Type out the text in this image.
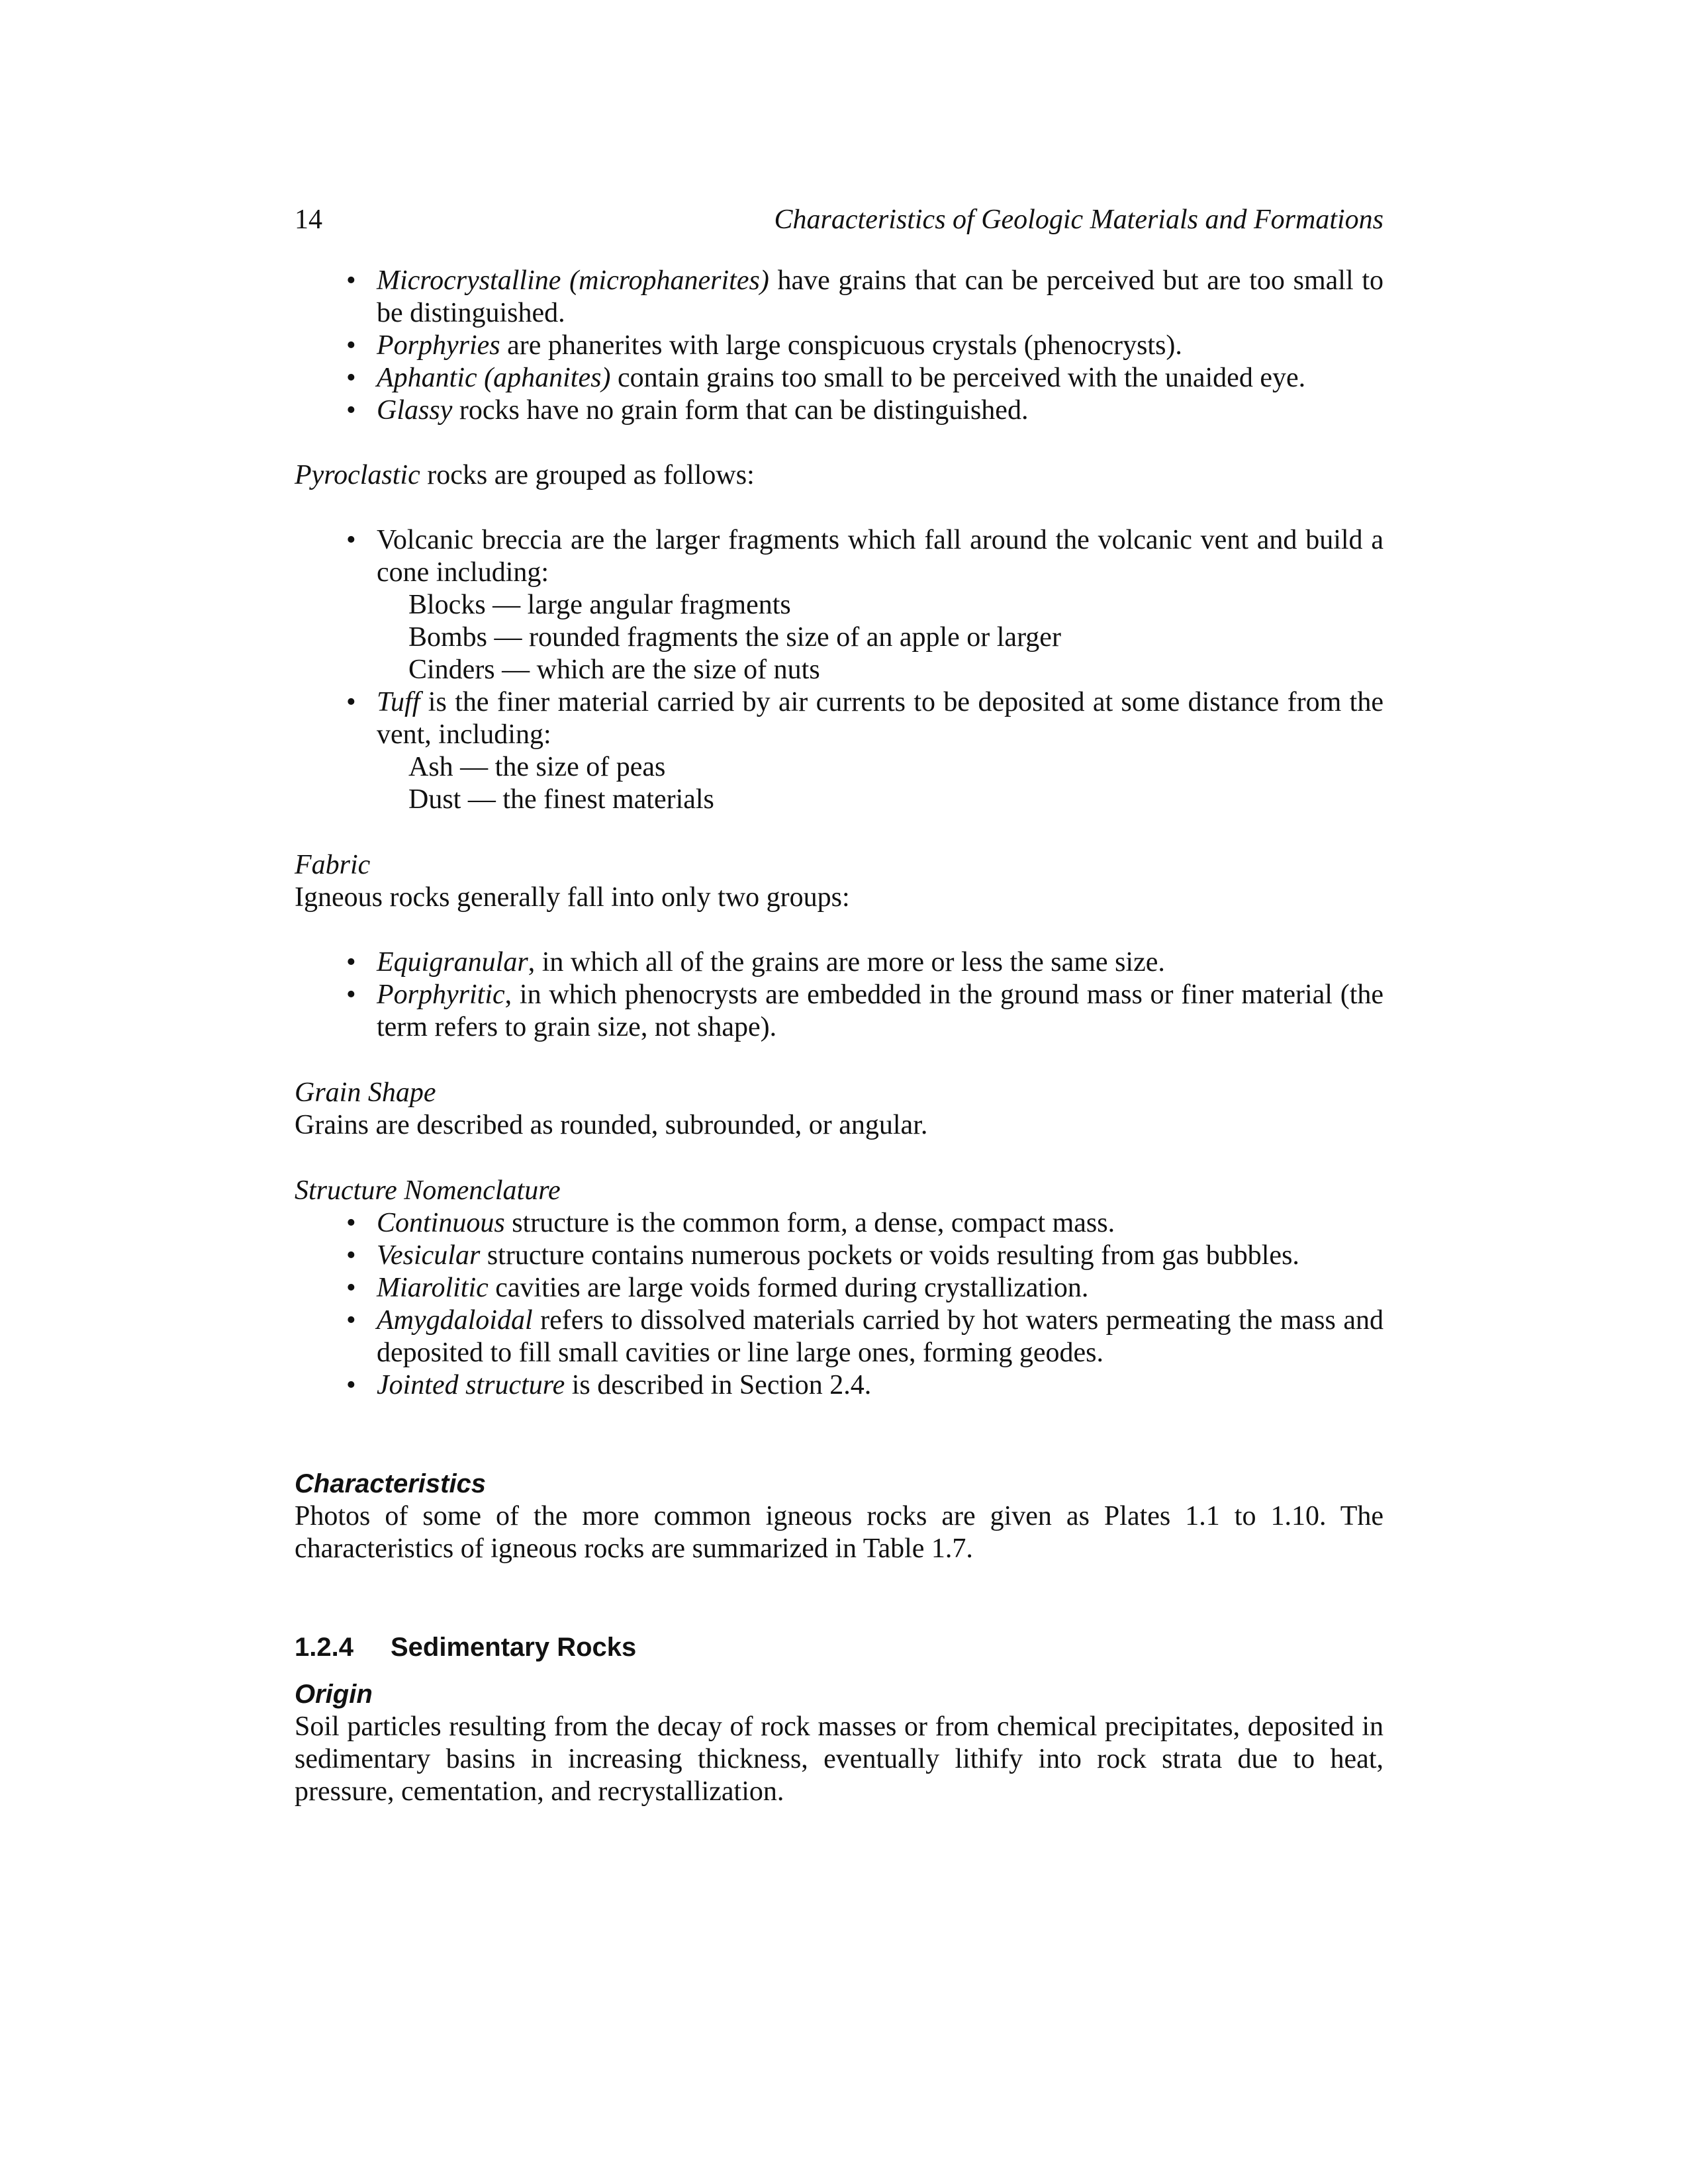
14	Characteristics of Geologic Materials and Formations
• Microcrystalline (microphanerites) have grains that can be perceived but are too small to be distinguished.
• Porphyries are phanerites with large conspicuous crystals (phenocrysts).
• Aphantic (aphanites) contain grains too small to be perceived with the unaided eye.
• Glassy rocks have no grain form that can be distinguished.

Pyroclastic rocks are grouped as follows:

• Volcanic breccia are the larger fragments which fall around the volcanic vent and build a cone including:
Blocks — large angular fragments
Bombs — rounded fragments the size of an apple or larger
Cinders — which are the size of nuts
• Tuff is the finer material carried by air currents to be deposited at some distance from the vent, including:
Ash — the size of peas
Dust — the finest materials
Fabric

Igneous rocks generally fall into only two groups:

• Equigranular, in which all of the grains are more or less the same size.
• Porphyritic, in which phenocrysts are embedded in the ground mass or finer material (the term refers to grain size, not shape).
Grain Shape

Grains are described as rounded, subrounded, or angular.

Structure Nomenclature
• Continuous structure is the common form, a dense, compact mass.
• Vesicular structure contains numerous pockets or voids resulting from gas bubbles.
• Miarolitic cavities are large voids formed during crystallization.
• Amygdaloidal refers to dissolved materials carried by hot waters permeating the mass and deposited to fill small cavities or line large ones, forming geodes.
• Jointed structure is described in Section 2.4.
Characteristics

Photos of some of the more common igneous rocks are given as Plates 1.1 to 1.10. The characteristics of igneous rocks are summarized in Table 1.7.

1.2.4 Sedimentary Rocks
Origin

Soil particles resulting from the decay of rock masses or from chemical precipitates, deposited in sedimentary basins in increasing thickness, eventually lithify into rock strata due to heat, pressure, cementation, and recrystallization.
